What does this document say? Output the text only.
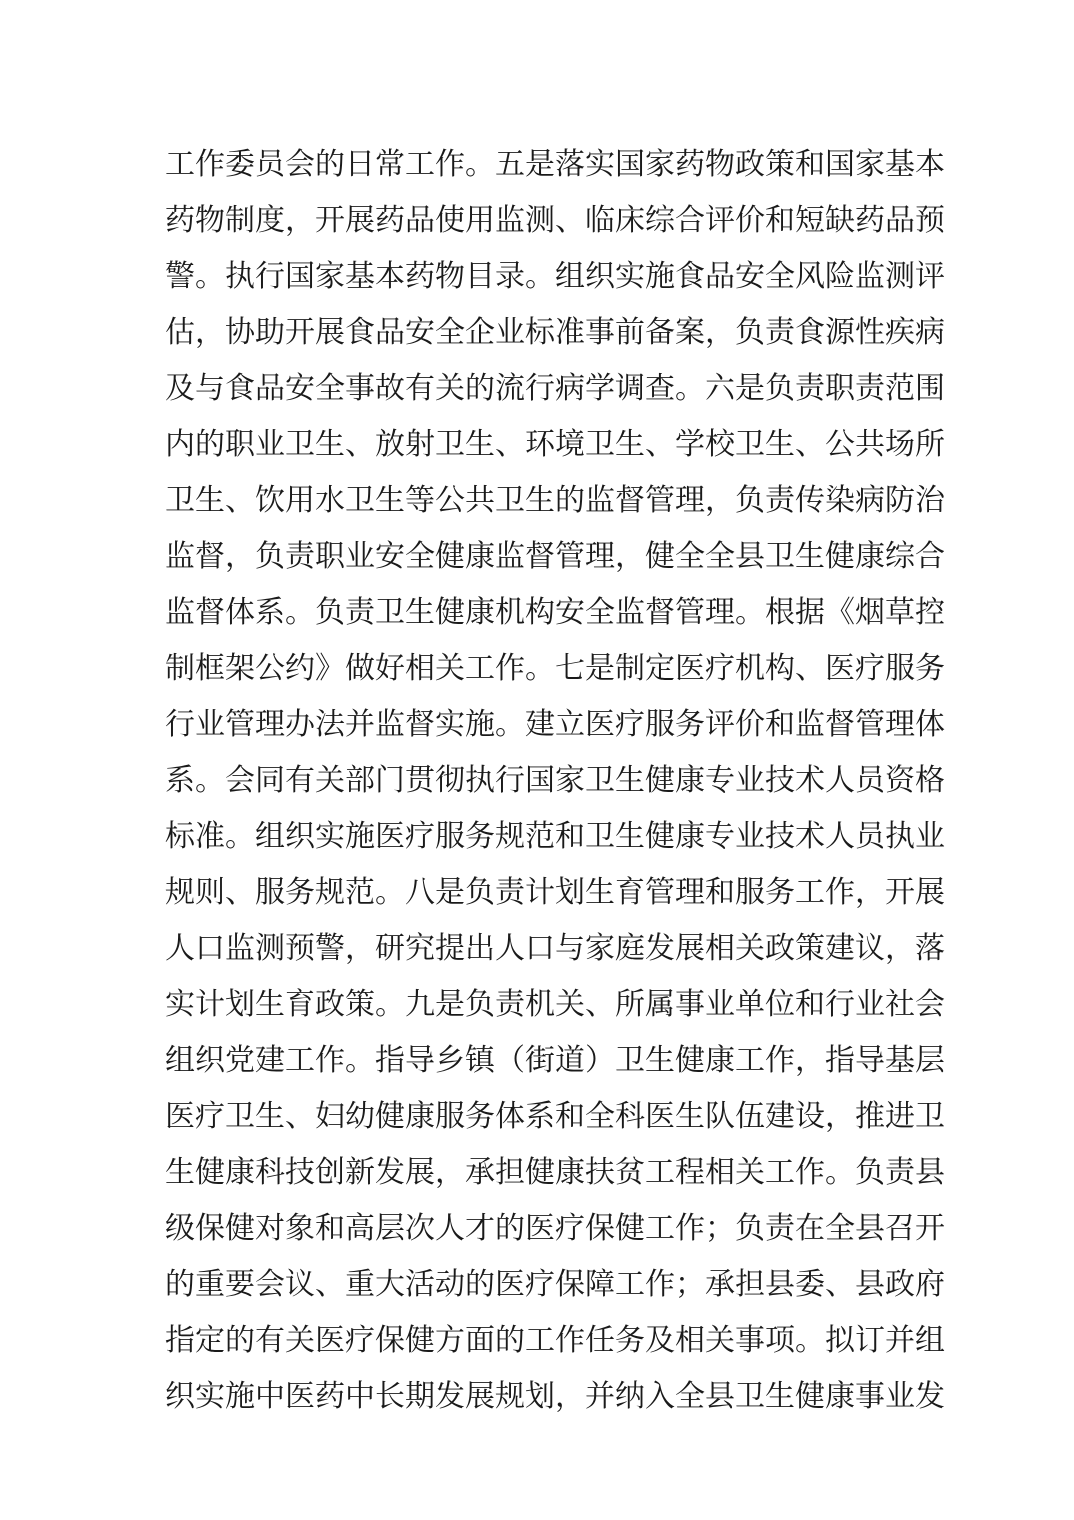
工作委员会的日常工作。五是落实国家药物政策和国家基本
药物制度，开展药品使用监测、临床综合评价和短缺药品预
警。执行国家基本药物目录。组织实施食品安全风险监测评
估，协助开展食品安全企业标准事前备案，负责食源性疾病
及与食品安全事故有关的流行病学调查。六是负责职责范围
内的职业卫生、放射卫生、环境卫生、学校卫生、公共场所
卫生、饮用水卫生等公共卫生的监督管理，负责传染病防治
监督，负责职业安全健康监督管理，健全全县卫生健康综合
监督体系。负责卫生健康机构安全监督管理。根据《烟草控
制框架公约》做好相关工作。七是制定医疗机构、医疗服务
行业管理办法并监督实施。建立医疗服务评价和监督管理体
系。会同有关部门贯彻执行国家卫生健康专业技术人员资格
标准。组织实施医疗服务规范和卫生健康专业技术人员执业
规则、服务规范。八是负责计划生育管理和服务工作，开展
人口监测预警，研究提出人口与家庭发展相关政策建议，落
实计划生育政策。九是负责机关、所属事业单位和行业社会
组织党建工作。指导乡镇（街道）卫生健康工作，指导基层
医疗卫生、妇幼健康服务体系和全科医生队伍建设，推进卫
生健康科技创新发展，承担健康扶贫工程相关工作。负责县
级保健对象和高层次人才的医疗保健工作；负责在全县召开
的重要会议、重大活动的医疗保障工作；承担县委、县政府
指定的有关医疗保健方面的工作任务及相关事项。拟订并组
织实施中医药中长期发展规划，并纳入全县卫生健康事业发
